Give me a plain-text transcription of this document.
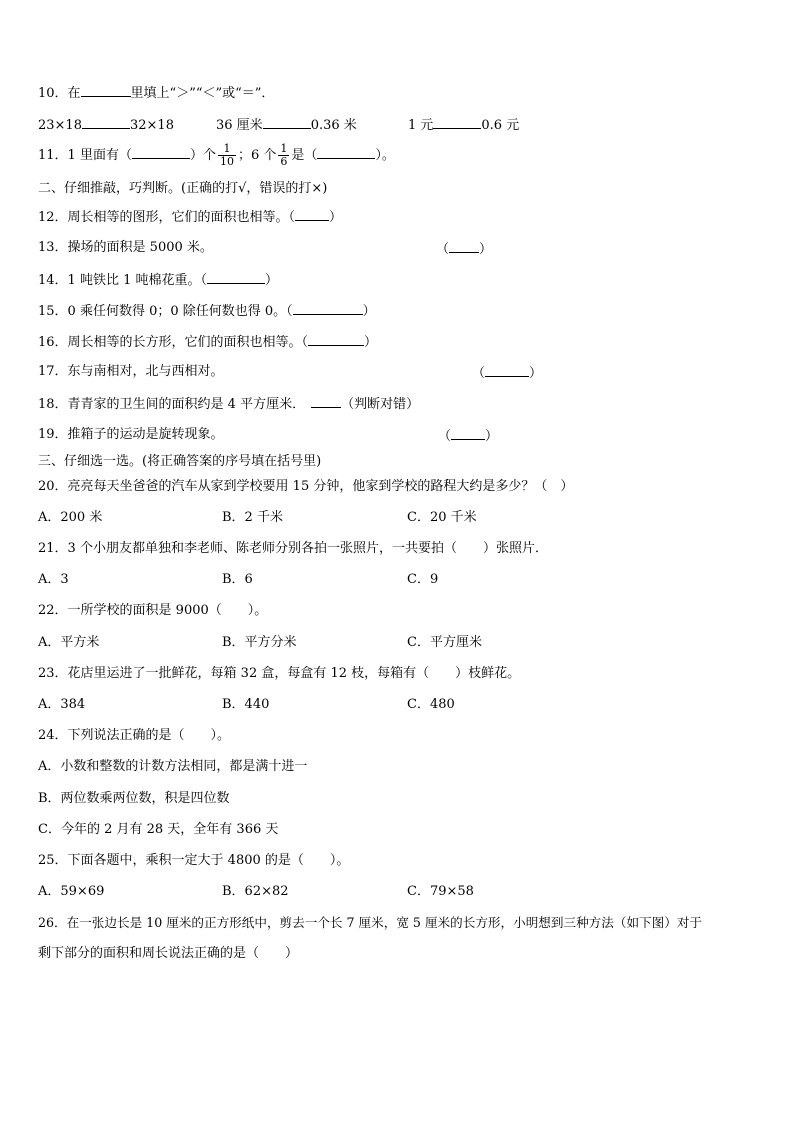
10．在	里填上“＞”“＜”或“＝”．
23×18	32×18	36 厘米	0.36 米	1 元	0.6 元
11．1 里面有（	）个 $\frac{1}{10}$ ；6 个 $\frac{1}{6}$ 是（	）。
二、仔细推敲，巧判断。(正确的打√，错误的打×)
12．周长相等的图形，它们的面积也相等。（	）
13．操场的面积是 5000 米。	（ ）
14．1 吨铁比 1 吨棉花重。（	）
15．0 乘任何数得 0；0 除任何数也得 0。（	）
16．周长相等的长方形，它们的面积也相等。（	）
17．东与南相对，北与西相对。	（	）
18．青青家的卫生间的面积约是 4 平方厘米．	（判断对错）
19．推箱子的运动是旋转现象。	（	）
三、仔细选一选。(将正确答案的序号填在括号里)
20．亮亮每天坐爸爸的汽车从家到学校要用 15 分钟，他家到学校的路程大约是多少？（　）
A．200 米	B．2 千米	C．20 千米
21．3 个小朋友都单独和李老师、陈老师分别各拍一张照片，一共要拍（　　）张照片．
A．3	B．6	C．9
22．一所学校的面积是 9000（　　）。
A．平方米	B．平方分米	C．平方厘米
23．花店里运进了一批鲜花，每箱 32 盒，每盒有 12 枝，每箱有（　　）枝鲜花。
A．384	B．440	C．480
24．下列说法正确的是（　　）。
A．小数和整数的计数方法相同，都是满十进一
B．两位数乘两位数，积是四位数
C．今年的 2 月有 28 天，全年有 366 天
25．下面各题中，乘积一定大于 4800 的是（　　）。
A．59×69	B．62×82	C．79×58
26．在一张边长是 10 厘米的正方形纸中，剪去一个长 7 厘米，宽 5 厘米的长方形，小明想到三种方法（如下图）对于
剩下部分的面积和周长说法正确的是（　　）
